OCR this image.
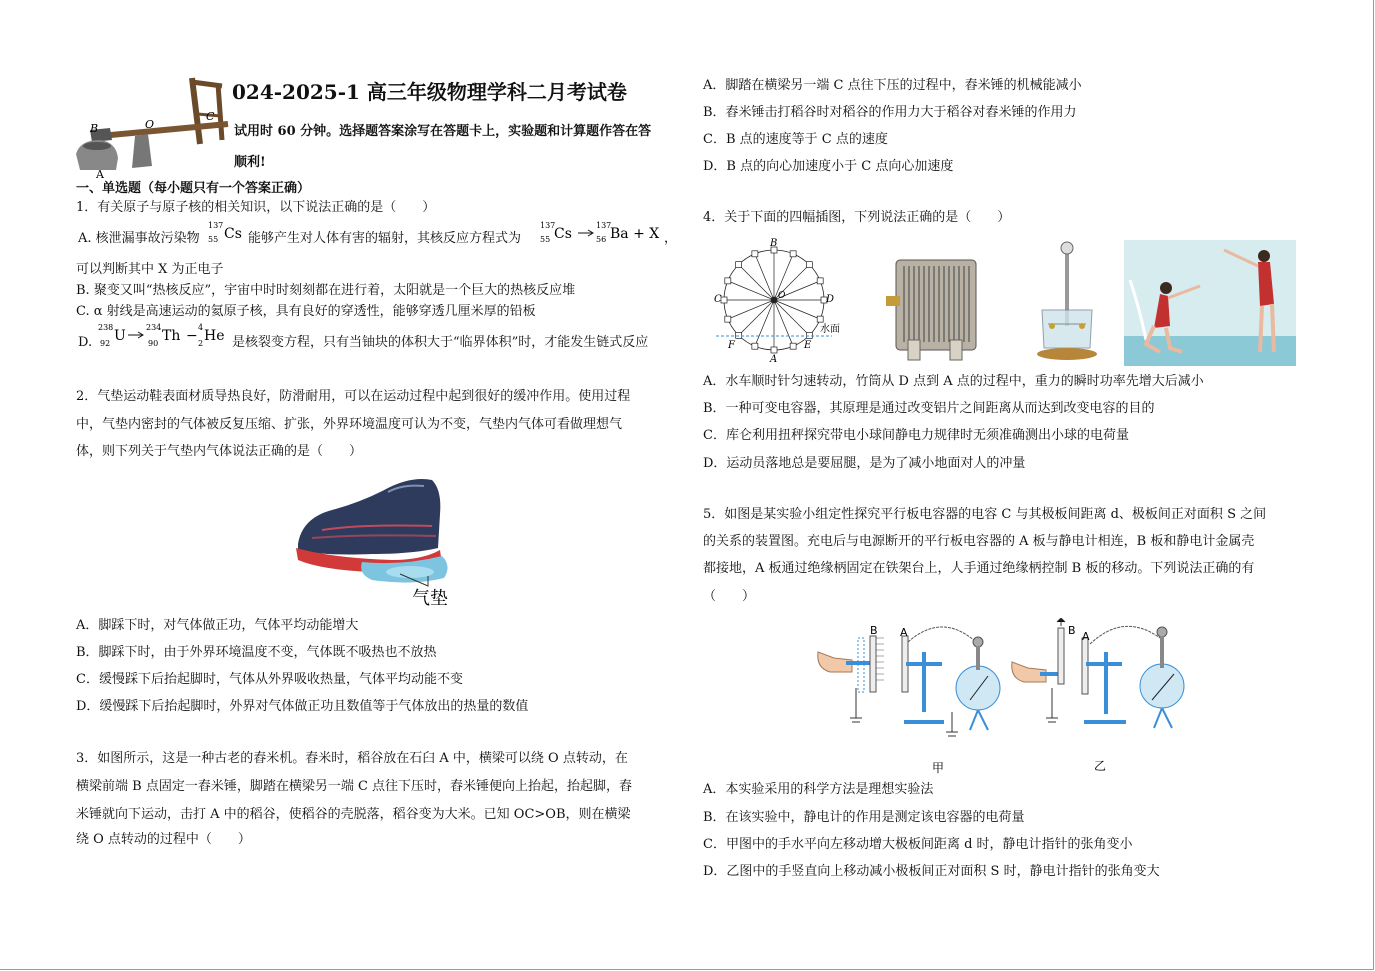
024-2025-1 高三年级物理学科二月考试卷
试用时 60 分钟。选择题答案涂写在答题卡上，实验题和计算题作答在答
顺利!
B	O
C
A
一、单选题（每小题只有一个答案正确）
1．有关原子与原子核的相关知识，以下说法正确的是（　　）
A. 核泄漏事故污染物
137
55 Cs 能够产生对人体有害的辐射，其核反应方程式为
137
55 Cs
137
56 Ba + X ，
可以判断其中 X 为正电子
B. 聚变又叫“热核反应”，宇宙中时时刻刻都在进行着，太阳就是一个巨大的热核反应堆
C. α 射线是高速运动的氦原子核，具有良好的穿透性，能够穿透几厘米厚的铅板
D.
238
92 U
234
90 Th −
4
2 He 是核裂变方程，只有当铀块的体积大于“临界体积”时，才能发生链式反应
2．气垫运动鞋表面材质导热良好，防滑耐用，可以在运动过程中起到很好的缓冲作用。使用过程
中，气垫内密封的气体被反复压缩、扩张，外界环境温度可认为不变，气垫内气体可看做理想气
体，则下列关于气垫内气体说法正确的是（　　）
气垫
A．脚踩下时，对气体做正功，气体平均动能增大
B．脚踩下时，由于外界环境温度不变，气体既不吸热也不放热
C．缓慢踩下后抬起脚时，气体从外界吸收热量，气体平均动能不变
D．缓慢踩下后抬起脚时，外界对气体做正功且数值等于气体放出的热量的数值
3．如图所示，这是一种古老的舂米机。舂米时，稻谷放在石臼 A 中，横梁可以绕 O 点转动，在
横梁前端 B 点固定一舂米锤，脚踏在横梁另一端 C 点往下压时，舂米锤便向上抬起，抬起脚，舂
米锤就向下运动，击打 A 中的稻谷，使稻谷的壳脱落，稻谷变为大米。已知 OC>OB，则在横梁
绕 O 点转动的过程中（　　）
A．脚踏在横梁另一端 C 点往下压的过程中，舂米锤的机械能减小
B．舂米锤击打稻谷时对稻谷的作用力大于稻谷对舂米锤的作用力
C．B 点的速度等于 C 点的速度
D．B 点的向心加速度小于 C 点向心加速度
4．关于下面的四幅插图，下列说法正确的是（　　）
B
C	D
O
F	E
A
水面
A．水车顺时针匀速转动，竹筒从 D 点到 A 点的过程中，重力的瞬时功率先增大后减小
B．一种可变电容器，其原理是通过改变铝片之间距离从而达到改变电容的目的
C．库仑利用扭秤探究带电小球间静电力规律时无须准确测出小球的电荷量
D．运动员落地总是要屈腿，是为了减小地面对人的冲量
5．如图是某实验小组定性探究平行板电容器的电容 C 与其极板间距离 d、极板间正对面积 S 之间
的关系的装置图。充电后与电源断开的平行板电容器的 A 板与静电计相连，B 板和静电计金属壳
都接地，A 板通过绝缘柄固定在铁架台上，人手通过绝缘柄控制 B 板的移动。下列说法正确的有
（　　）
B A
甲
B A
乙
A．本实验采用的科学方法是理想实验法
B．在该实验中，静电计的作用是测定该电容器的电荷量
C．甲图中的手水平向左移动增大极板间距离 d 时，静电计指针的张角变小
D．乙图中的手竖直向上移动减小极板间正对面积 S 时，静电计指针的张角变大
